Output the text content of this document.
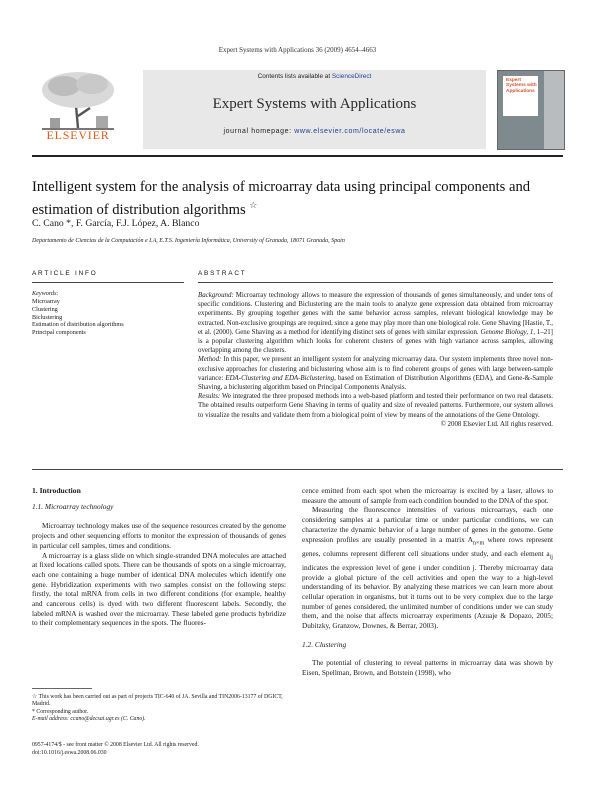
Expert Systems with Applications 36 (2009) 4654–4663
ELSEVIER
Contents lists available at ScienceDirect
Expert Systems with Applications
journal homepage: www.elsevier.com/locate/eswa
Expert Systems with Applications
Intelligent system for the analysis of microarray data using principal components and estimation of distribution algorithms ☆
C. Cano *, F. García, F.J. López, A. Blanco
Departamento de Ciencias de la Computación e I.A, E.T.S. Ingeniería Informática, University of Granada, 18071 Granada, Spain
ARTICLE INFO	ABSTRACT
Keywords:
Microarray
Clustering
Biclustering
Estimation of distribution algorithms
Principal components

Background: Microarray technology allows to measure the expression of thousands of genes simultaneously, and under tens of specific conditions. Clustering and Biclustering are the main tools to analyze gene expression data obtained from microarray experiments. By grouping together genes with the same behavior across samples, relevant biological knowledge may be extracted. Non-exclusive groupings are required, since a gene may play more than one biological role. Gene Shaving [Hastie, T., et al. (2000). Gene Shaving as a method for identifying distinct sets of genes with similar expression. Genome Biology, 1, 1–21] is a popular clustering algorithm which looks for coherent clusters of genes with high variance across samples, allowing overlapping among the clusters.

Method: In this paper, we present an intelligent system for analyzing microarray data. Our system implements three novel non-exclusive approaches for clustering and biclustering whose aim is to find coherent groups of genes with large between-sample variance: EDA-Clustering and EDA-Biclustering, based on Estimation of Distribution Algorithms (EDA), and Gene-&-Sample Shaving, a biclustering algorithm based on Principal Components Analysis.

Results: We integrated the three proposed methods into a web-based platform and tested their performance on two real datasets. The obtained results outperform Gene Shaving in terms of quality and size of revealed patterns. Furthermore, our system allows to visualize the results and validate them from a biological point of view by means of the annotations of the Gene Ontology.

© 2008 Elsevier Ltd. All rights reserved.

1. Introduction

1.1. Microarray technology

Microarray technology makes use of the sequence resources created by the genome projects and other sequencing efforts to monitor the expression of thousands of genes in particular cell samples, times and conditions.

A microarray is a glass slide on which single-stranded DNA molecules are attached at fixed locations called spots. There can be thousands of spots on a single microarray, each one containing a huge number of identical DNA molecules which identify one gene. Hybridization experiments with two samples consist on the following steps: firstly, the total mRNA from cells in two different conditions (for example, healthy and cancerous cells) is dyed with two different fluorescent labels. Secondly, the labeled mRNA is washed over the microarray. These labeled gene products hybridize to their complementary sequences in the spots. The fluores-

cence emitted from each spot when the microarray is excited by a laser, allows to measure the amount of sample from each condition bounded to the DNA of the spot.

Measuring the fluorescence intensities of various microarrays, each one considering samples at a particular time or under particular conditions, we can characterize the dynamic behavior of a large number of genes in the genome. Gene expression profiles are usually presented in a matrix $A_{n\times m}$ where rows represent genes, columns represent different cell situations under study, and each element $a_{ij}$ indicates the expression level of gene i under condition j. Thereby microarray data provide a global picture of the cell activities and open the way to a high-level understanding of its behavior. By analyzing these matrices we can learn more about cellular operation in organisms, but it turns out to be very complex due to the large number of genes considered, the unlimited number of conditions under we can study them, and the noise that affects microarray experiments (Azuaje & Dopazo, 2005; Dubitzky, Granzow, Downes, & Berrar, 2003).

1.2. Clustering

The potential of clustering to reveal patterns in microarray data was shown by Eisen, Spellman, Brown, and Botstein (1998), who

☆ This work has been carried out as part of projects TIC-640 of JA. Sevilla and TIN2006-13177 of DGICT, Madrid.

* Corresponding author.

E-mail address: ccano@decsai.ugr.es (C. Cano).

0957-4174/$ - see front matter © 2008 Elsevier Ltd. All rights reserved.
doi:10.1016/j.eswa.2008.06.030
